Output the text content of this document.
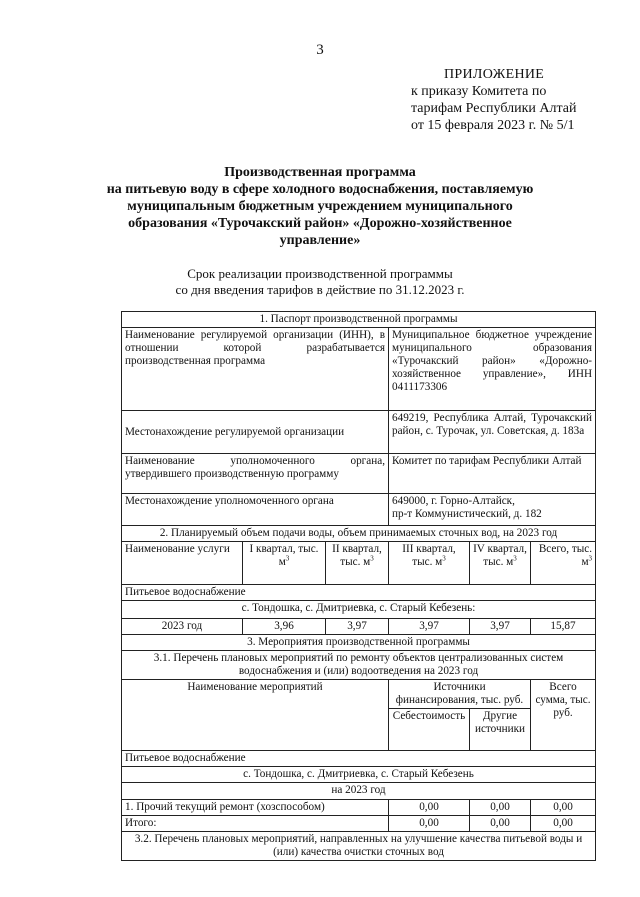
3
ПРИЛОЖЕНИЕ
к приказу Комитета по
тарифам Республики Алтай
от 15 февраля 2023 г. № 5/1
Производственная программа
на питьевую воду в сфере холодного водоснабжения, поставляемую
муниципальным бюджетным учреждением муниципального
образования «Турочакский район» «Дорожно-хозяйственное
управление»
Срок реализации производственной программы
со дня введения тарифов в действие по 31.12.2023 г.
1. Паспорт производственной программы					
Наименование регулируемой организации (ИНН), в отношении которой разрабатывается производственная программа			Муниципальное бюджетное учреждение муниципального образования «Турочакский район» «Дорожно-хозяйственное управление», ИНН 0411173306		
Местонахождение регулируемой организации			649219, Республика Алтай, Турочакский район, с. Турочак, ул. Советская, д. 183а		
Наименование уполномоченного органа, утвердившего производственную программу			Комитет по тарифам Республики Алтай		
Местонахождение уполномоченного органа			649000, г. Горно-Алтайск,
пр-т Коммунистический, д. 182		

2. Планируемый объем подачи воды, объем принимаемых сточных вод, на 2023 год					
Наименование услуги	I квартал, тыс. $м^3$	II квартал, тыс. $м^3$	III квартал, тыс. $м^3$	IV квартал, тыс. $м^3$	Всего, тыс. $м^3$
Питьевое водоснабжение					
с. Тондошка, с. Дмитриевка, с. Старый Кебезень:					
2023 год	3,96	3,97	3,97	3,97	15,87
3. Мероприятия производственной программы					
3.1. Перечень плановых мероприятий по ремонту объектов централизованных систем водоснабжения и (или) водоотведения на 2023 год					
Наименование мероприятий			Источники финансирования, тыс. руб.		Всего сумма, тыс. руб.
			Себестоимость	Другие источники	
Питьевое водоснабжение					
с. Тондошка, с. Дмитриевка, с. Старый Кебезень					
на 2023 год					
1. Прочий текущий ремонт (хозспособом)			0,00	0,00	0,00
Итого:			0,00	0,00	0,00
3.2. Перечень плановых мероприятий, направленных на улучшение качества питьевой воды и (или) качества очистки сточных вод					
